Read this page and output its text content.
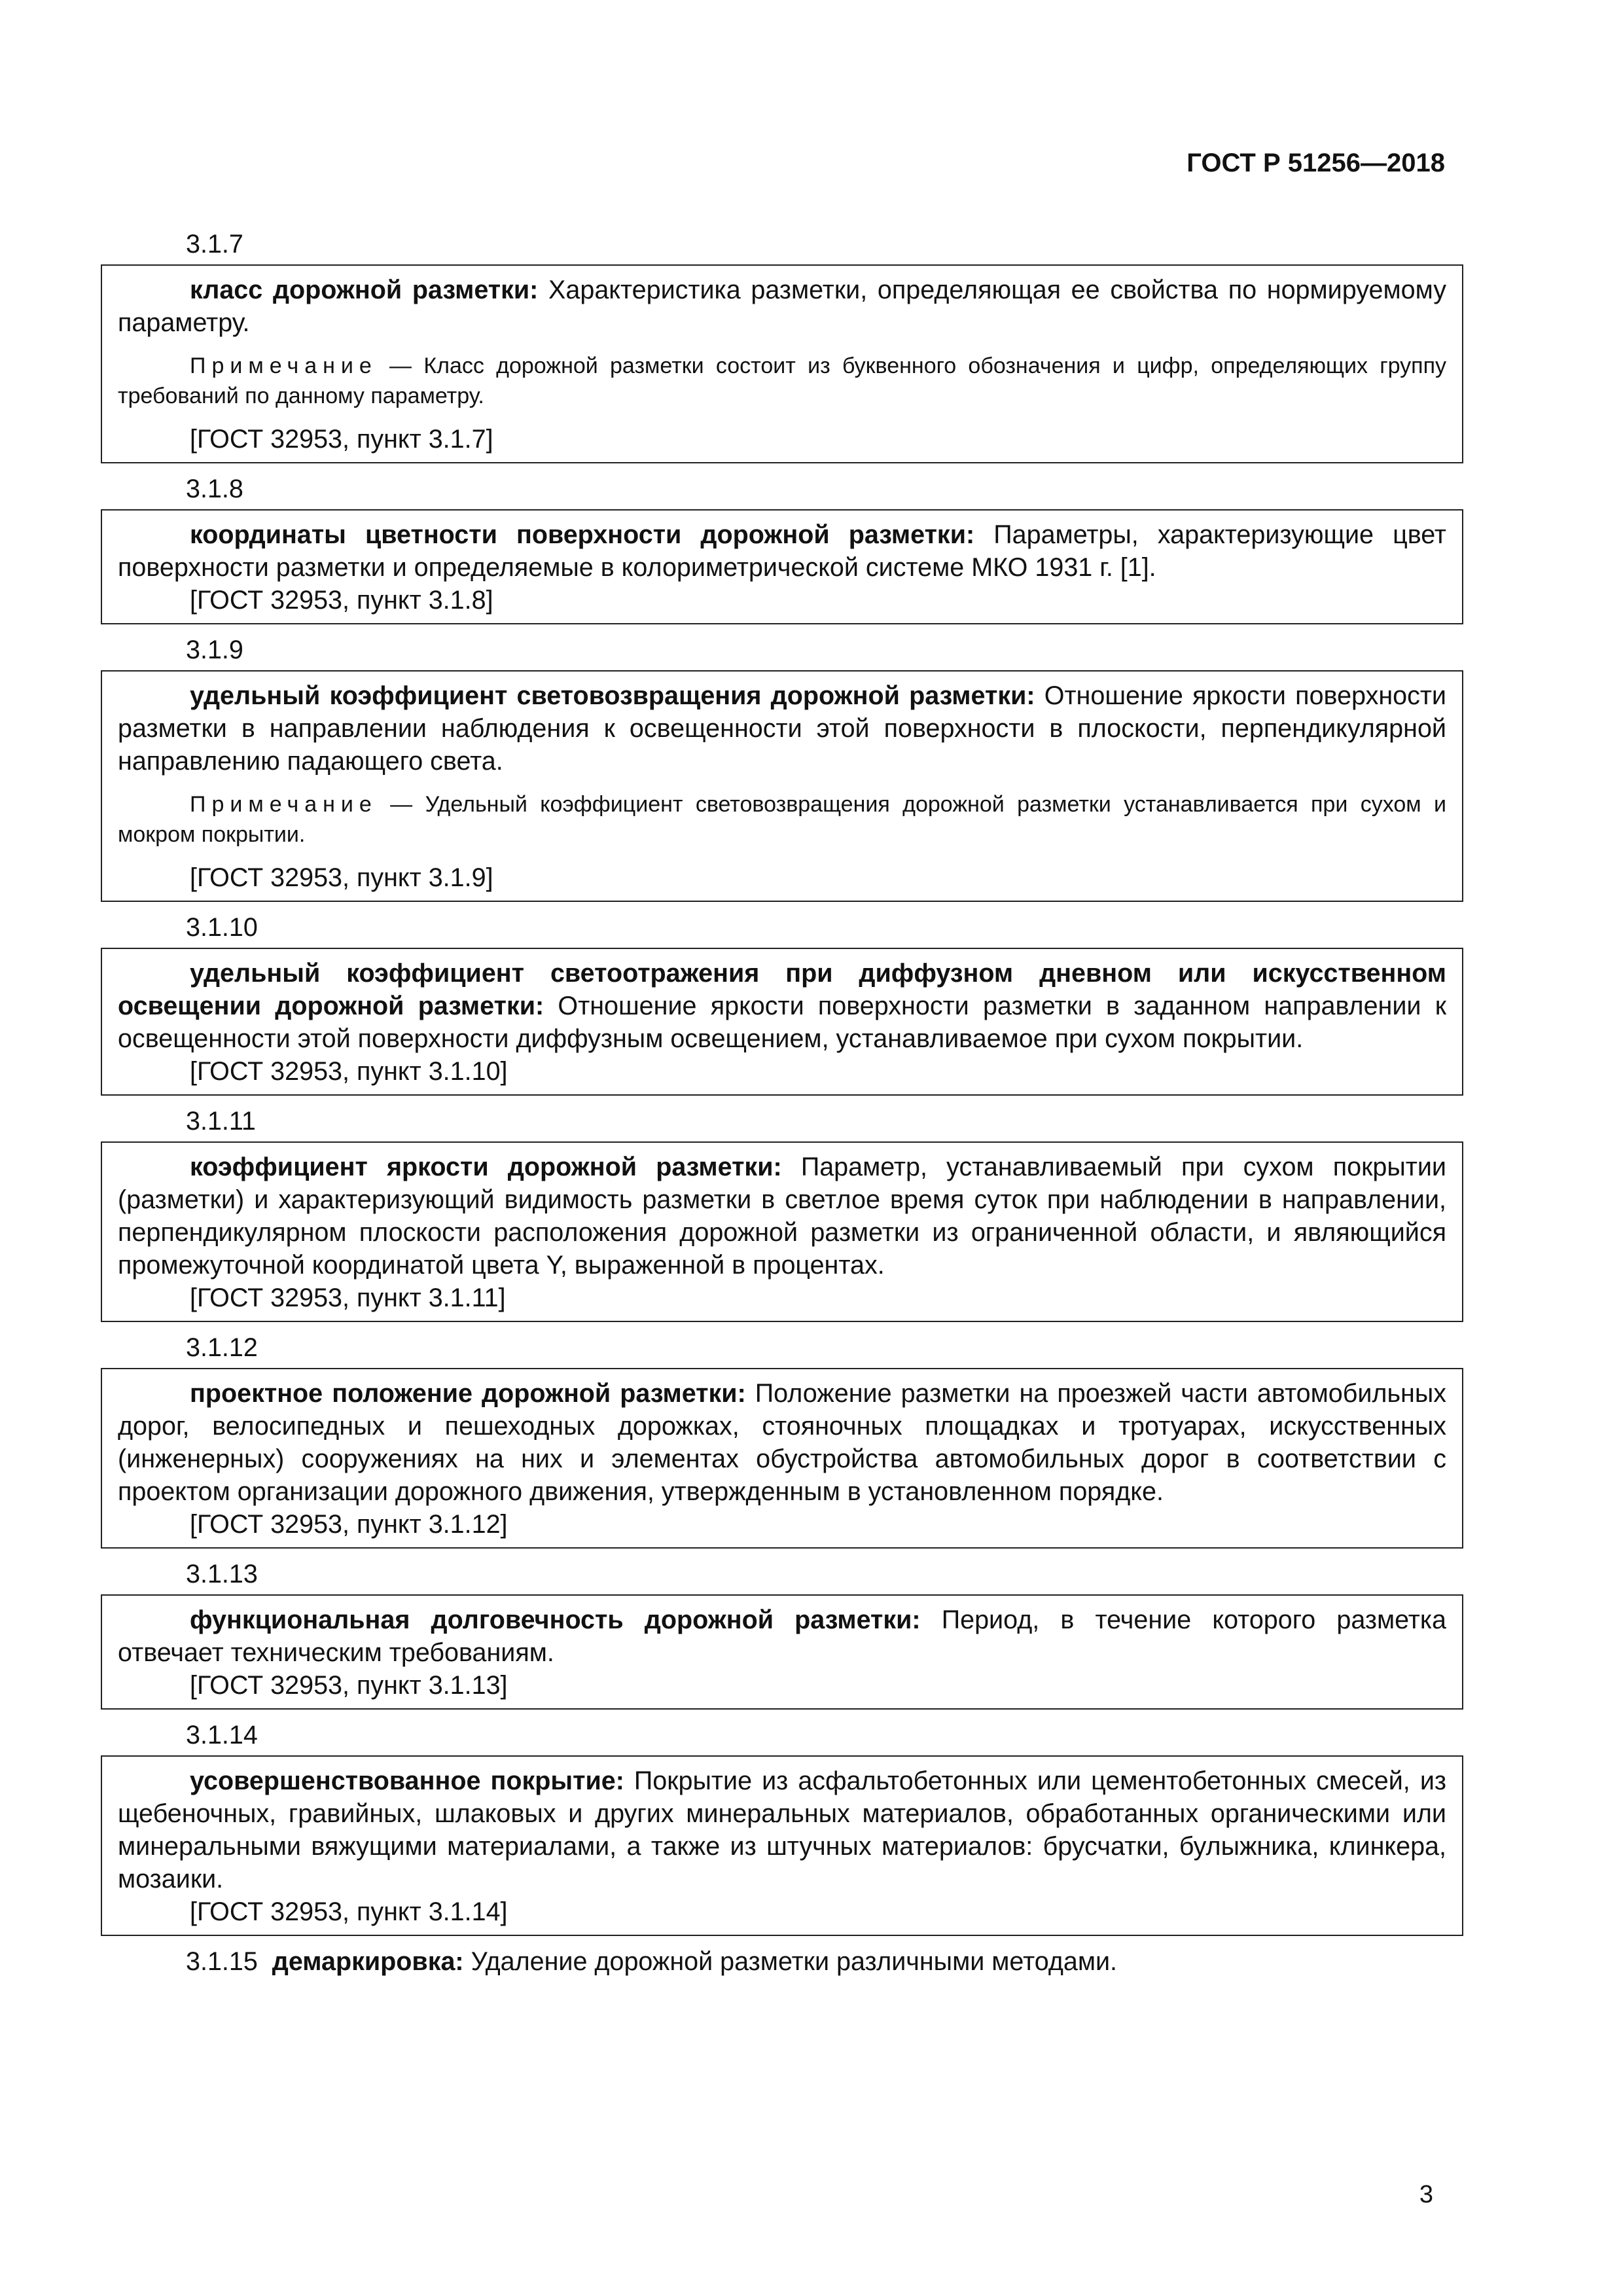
ГОСТ Р 51256—2018
3.1.7

класс дорожной разметки: Характеристика разметки, определяющая ее свойства по нормируемому параметру.

Примечание — Класс дорожной разметки состоит из буквенного обозначения и цифр, определяющих группу требований по данному параметру.

[ГОСТ 32953, пункт 3.1.7]
3.1.8

координаты цветности поверхности дорожной разметки: Параметры, характеризующие цвет поверхности разметки и определяемые в колориметрической системе МКО 1931 г. [1].

[ГОСТ 32953, пункт 3.1.8]
3.1.9

удельный коэффициент световозвращения дорожной разметки: Отношение яркости поверхности разметки в направлении наблюдения к освещенности этой поверхности в плоскости, перпендикулярной направлению падающего света.

Примечание — Удельный коэффициент световозвращения дорожной разметки устанавливается при сухом и мокром покрытии.

[ГОСТ 32953, пункт 3.1.9]
3.1.10

удельный коэффициент светоотражения при диффузном дневном или искусственном освещении дорожной разметки: Отношение яркости поверхности разметки в заданном направлении к освещенности этой поверхности диффузным освещением, устанавливаемое при сухом покрытии.

[ГОСТ 32953, пункт 3.1.10]
3.1.11

коэффициент яркости дорожной разметки: Параметр, устанавливаемый при сухом покрытии (разметки) и характеризующий видимость разметки в светлое время суток при наблюдении в направлении, перпендикулярном плоскости расположения дорожной разметки из ограниченной области, и являющийся промежуточной координатой цвета Y, выраженной в процентах.

[ГОСТ 32953, пункт 3.1.11]
3.1.12

проектное положение дорожной разметки: Положение разметки на проезжей части автомобильных дорог, велосипедных и пешеходных дорожках, стояночных площадках и тротуарах, искусственных (инженерных) сооружениях на них и элементах обустройства автомобильных дорог в соответствии с проектом организации дорожного движения, утвержденным в установленном порядке.

[ГОСТ 32953, пункт 3.1.12]
3.1.13

функциональная долговечность дорожной разметки: Период, в течение которого разметка отвечает техническим требованиям.

[ГОСТ 32953, пункт 3.1.13]
3.1.14

усовершенствованное покрытие: Покрытие из асфальтобетонных или цементобетонных смесей, из щебеночных, гравийных, шлаковых и других минеральных материалов, обработанных органическими или минеральными вяжущими материалами, а также из штучных материалов: брусчатки, булыжника, клинкера, мозаики.

[ГОСТ 32953, пункт 3.1.14]
3.1.15 демаркировка: Удаление дорожной разметки различными методами.
3
